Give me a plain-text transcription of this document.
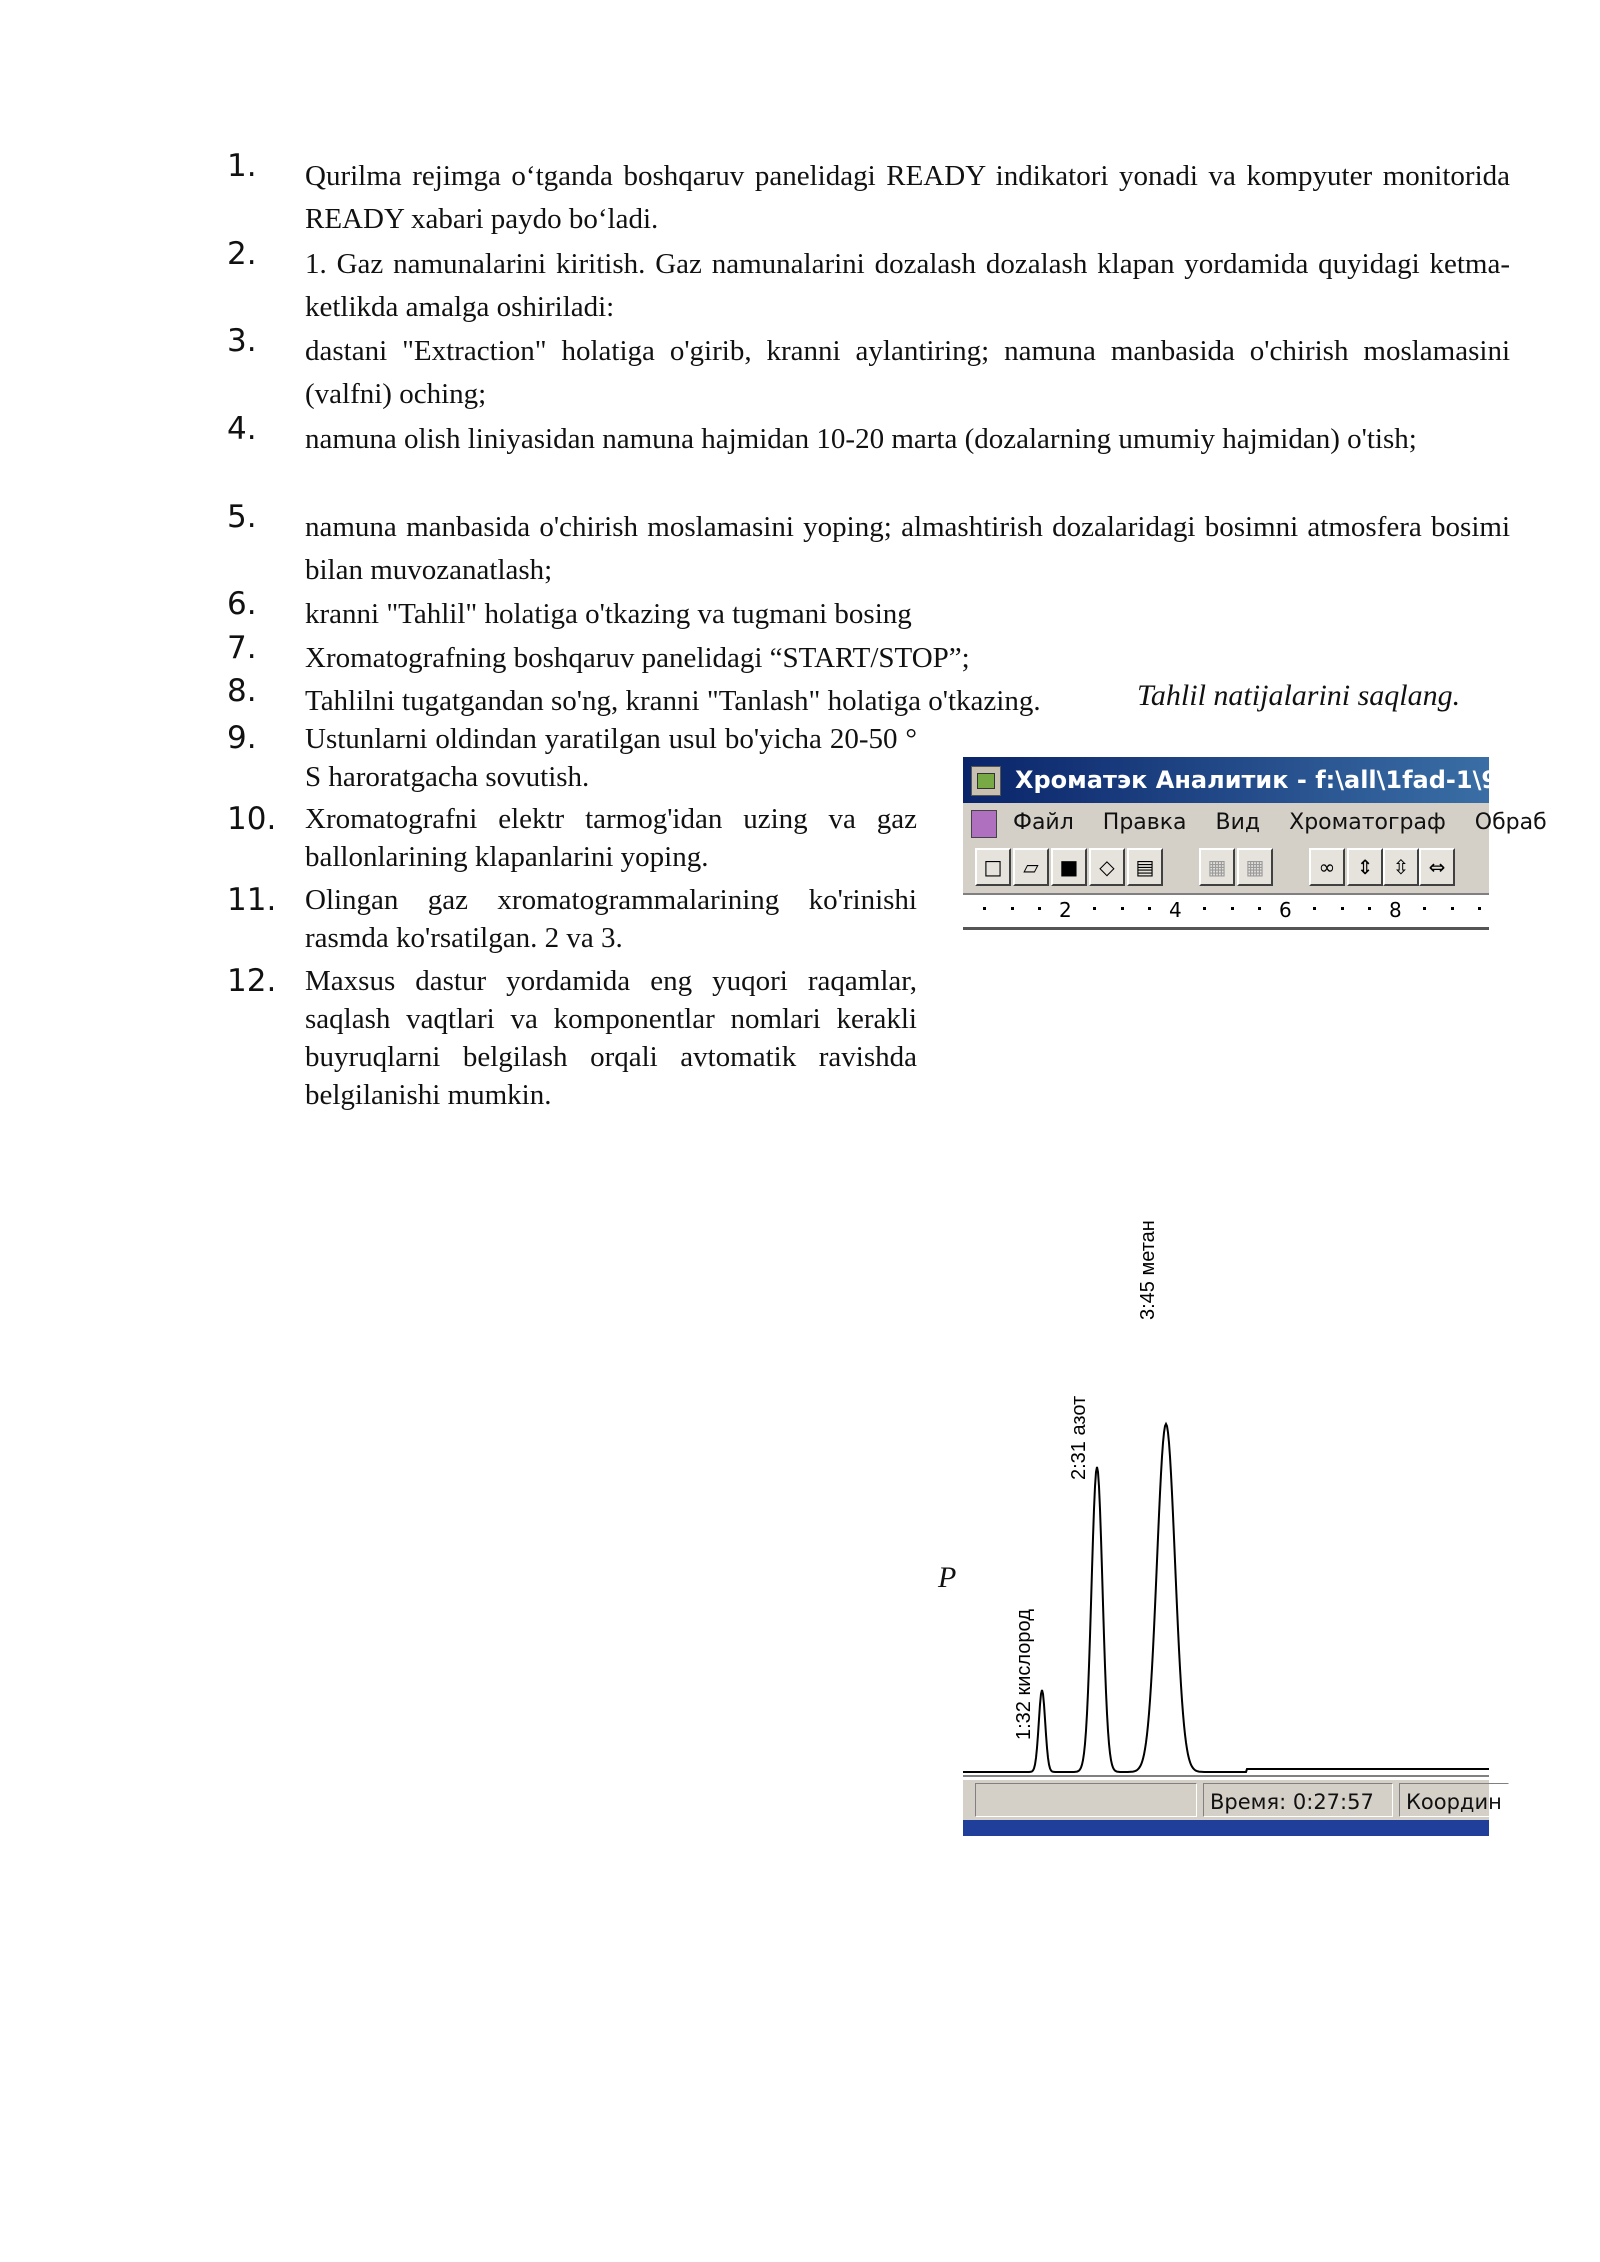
1.	Qurilma rejimga o‘tganda boshqaruv panelidagi READY indikatori yonadi va kompyuter monitorida READY xabari paydo bo‘ladi.
2.	1. Gaz namunalarini kiritish. Gaz namunalarini dozalash dozalash klapan yordamida quyidagi ketma-ketlikda amalga oshiriladi:
3.	dastani "Extraction" holatiga o'girib, kranni aylantiring; namuna manbasida o'chirish moslamasini (valfni) oching;
4.	namuna olish liniyasidan namuna hajmidan 10-20 marta (dozalarning umumiy hajmidan) o'tish;
5.	namuna manbasida o'chirish moslamasini yoping; almashtirish dozalaridagi bosimni atmosfera bosimi bilan muvozanatlash;
6.	kranni "Tahlil" holatiga o'tkazing va tugmani bosing
7.	Xromatografning boshqaruv panelidagi “START/STOP”;
8.	Tahlilni tugatgandan so'ng, kranni "Tanlash" holatiga o'tkazing.
9.	Ustunlarni oldindan yaratilgan usul bo'yicha 20-50 ° S haroratgacha sovutish.
10. Xromatografni elektr tarmog'idan uzing va gaz ballonlarining klapanlarini yoping.
11. Olingan gaz xromatogrammalarining ko'rinishi rasmda ko'rsatilgan. 2 va 3.
12. Maxsus dastur yordamida eng yuqori raqamlar, saqlash vaqtlari va komponentlar nomlari kerakli buyruqlarni belgilash orqali avtomatik ravishda belgilanishi mumkin.
Tahlil natijalarini saqlang.
P
Хроматэк Аналитик - f:\all\1fad-1\9
Файл Правка Вид Хроматограф Обраб
□	▱	■	◇	▤	▦ ▦	∞	⇕ ⇳ ⇔
2	4	6	8
1:32 кислород
2:31 азот
3:45 метан
Время: 0:27:57	Координ
